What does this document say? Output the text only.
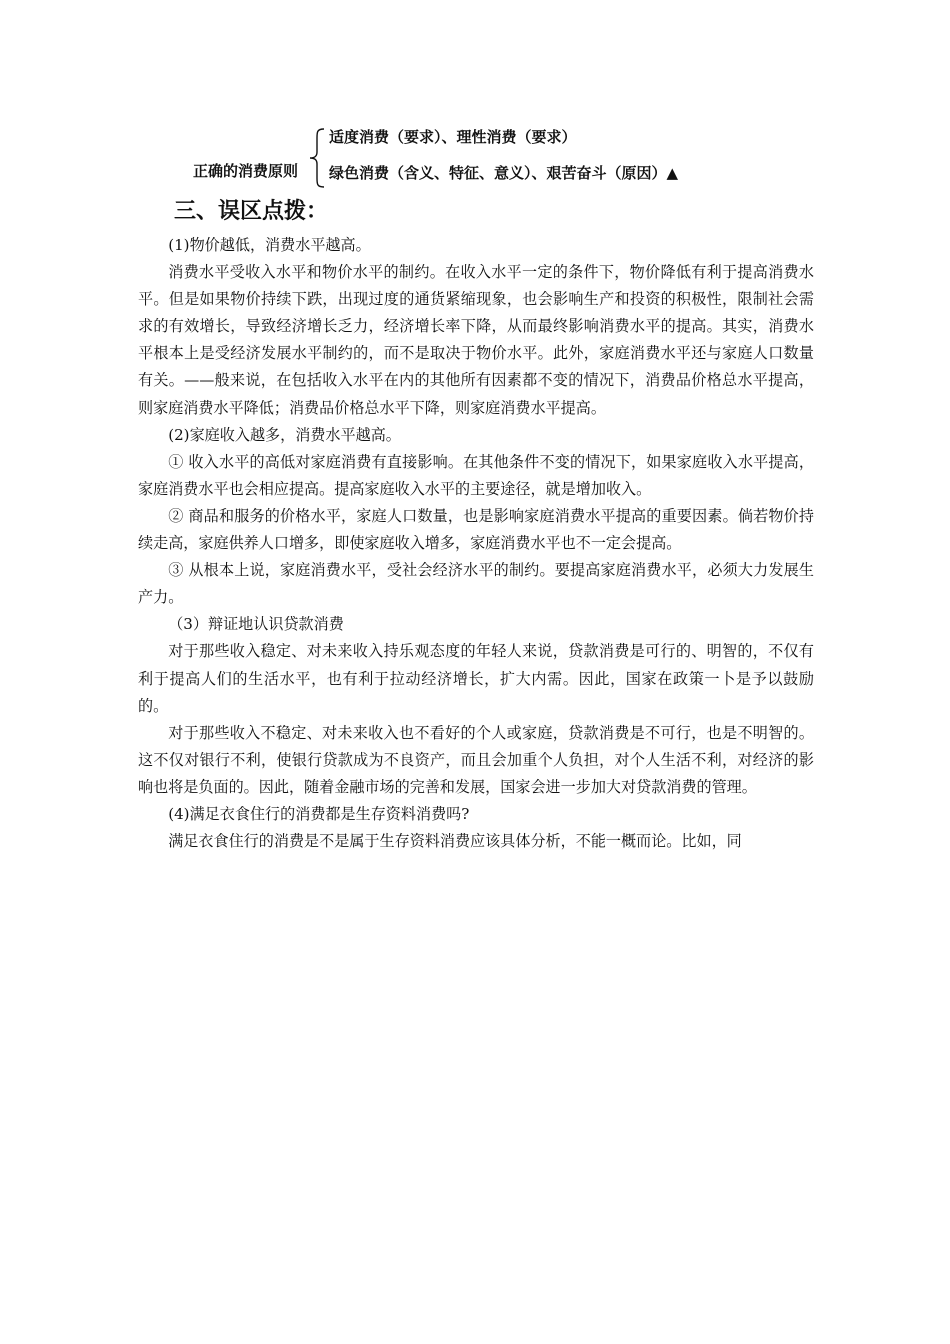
正确的消费原则
适度消费（要求）、理性消费（要求）
绿色消费（含义、特征、意义）、艰苦奋斗（原因）▲
三、误区点拨：

(1)物价越低，消费水平越高。

消费水平受收入水平和物价水平的制约。在收入水平一定的条件下，物价降低有利于提高消费水平。但是如果物价持续下跌，出现过度的通货紧缩现象，也会影响生产和投资的积极性，限制社会需求的有效增长，导致经济增长乏力，经济增长率下降，从而最终影响消费水平的提高。其实，消费水平根本上是受经济发展水平制约的，而不是取决于物价水平。此外，家庭消费水平还与家庭人口数量有关。——般来说，在包括收入水平在内的其他所有因素都不变的情况下，消费品价格总水平提高，则家庭消费水平降低；消费品价格总水平下降，则家庭消费水平提高。

(2)家庭收入越多，消费水平越高。

① 收入水平的高低对家庭消费有直接影响。在其他条件不变的情况下，如果家庭收入水平提高，家庭消费水平也会相应提高。提高家庭收入水平的主要途径，就是增加收入。

② 商品和服务的价格水平，家庭人口数量，也是影响家庭消费水平提高的重要因素。倘若物价持续走高，家庭供养人口增多，即使家庭收入增多，家庭消费水平也不一定会提高。

③ 从根本上说，家庭消费水平，受社会经济水平的制约。要提高家庭消费水平，必须大力发展生产力。

（3）辩证地认识贷款消费

对于那些收入稳定、对未来收入持乐观态度的年轻人来说，贷款消费是可行的、明智的，不仅有利于提高人们的生活水平，也有利于拉动经济增长，扩大内需。因此，国家在政策一卜是予以鼓励的。

对于那些收入不稳定、对未来收入也不看好的个人或家庭，贷款消费是不可行，也是不明智的。这不仅对银行不利，使银行贷款成为不良资产，而且会加重个人负担，对个人生活不利，对经济的影响也将是负面的。因此，随着金融市场的完善和发展，国家会进一步加大对贷款消费的管理。

(4)满足衣食住行的消费都是生存资料消费吗?

满足衣食住行的消费是不是属于生存资料消费应该具体分析，不能一概而论。比如，同
